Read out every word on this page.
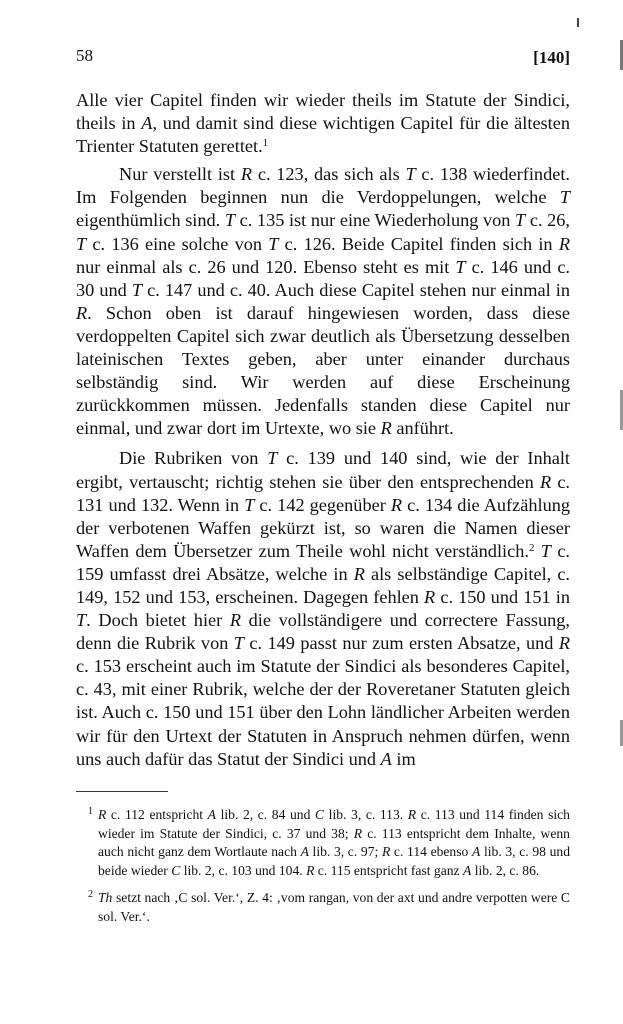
58	[140]

Alle vier Capitel finden wir wieder theils im Statute der Sindici, theils in A, und damit sind diese wichtigen Capitel für die ältesten Trienter Statuten gerettet.$^1$

Nur verstellt ist R c. 123, das sich als T c. 138 wiederfindet. Im Folgenden beginnen nun die Verdoppelungen, welche T eigenthümlich sind. T c. 135 ist nur eine Wiederholung von T c. 26, T c. 136 eine solche von T c. 126. Beide Capitel finden sich in R nur einmal als c. 26 und 120. Ebenso steht es mit T c. 146 und c. 30 und T c. 147 und c. 40. Auch diese Capitel stehen nur einmal in R. Schon oben ist darauf hingewiesen worden, dass diese verdoppelten Capitel sich zwar deutlich als Übersetzung desselben lateinischen Textes geben, aber unter einander durchaus selbständig sind. Wir werden auf diese Erscheinung zurückkommen müssen. Jedenfalls standen diese Capitel nur einmal, und zwar dort im Urtexte, wo sie R anführt.

Die Rubriken von T c. 139 und 140 sind, wie der Inhalt ergibt, vertauscht; richtig stehen sie über den entsprechenden R c. 131 und 132. Wenn in T c. 142 gegenüber R c. 134 die Aufzählung der verbotenen Waffen gekürzt ist, so waren die Namen dieser Waffen dem Übersetzer zum Theile wohl nicht verständlich.$^2$ T c. 159 umfasst drei Absätze, welche in R als selbständige Capitel, c. 149, 152 und 153, erscheinen. Dagegen fehlen R c. 150 und 151 in T. Doch bietet hier R die vollständigere und correctere Fassung, denn die Rubrik von T c. 149 passt nur zum ersten Absatze, und R c. 153 erscheint auch im Statute der Sindici als besonderes Capitel, c. 43, mit einer Rubrik, welche der der Roveretaner Statuten gleich ist. Auch c. 150 und 151 über den Lohn ländlicher Arbeiten werden wir für den Urtext der Statuten in Anspruch nehmen dürfen, wenn uns auch dafür das Statut der Sindici und A im

1 R c. 112 entspricht A lib. 2, c. 84 und C lib. 3, c. 113. R c. 113 und 114 finden sich wieder im Statute der Sindici, c. 37 und 38; R c. 113 entspricht dem Inhalte, wenn auch nicht ganz dem Wortlaute nach A lib. 3, c. 97; R c. 114 ebenso A lib. 3, c. 98 und beide wieder C lib. 2, c. 103 und 104. R c. 115 entspricht fast ganz A lib. 2, c. 86.

2 Th setzt nach ‚C sol. Ver.‘, Z. 4: ‚vom rangan, von der axt und andre verpotten were C sol. Ver.‘.
